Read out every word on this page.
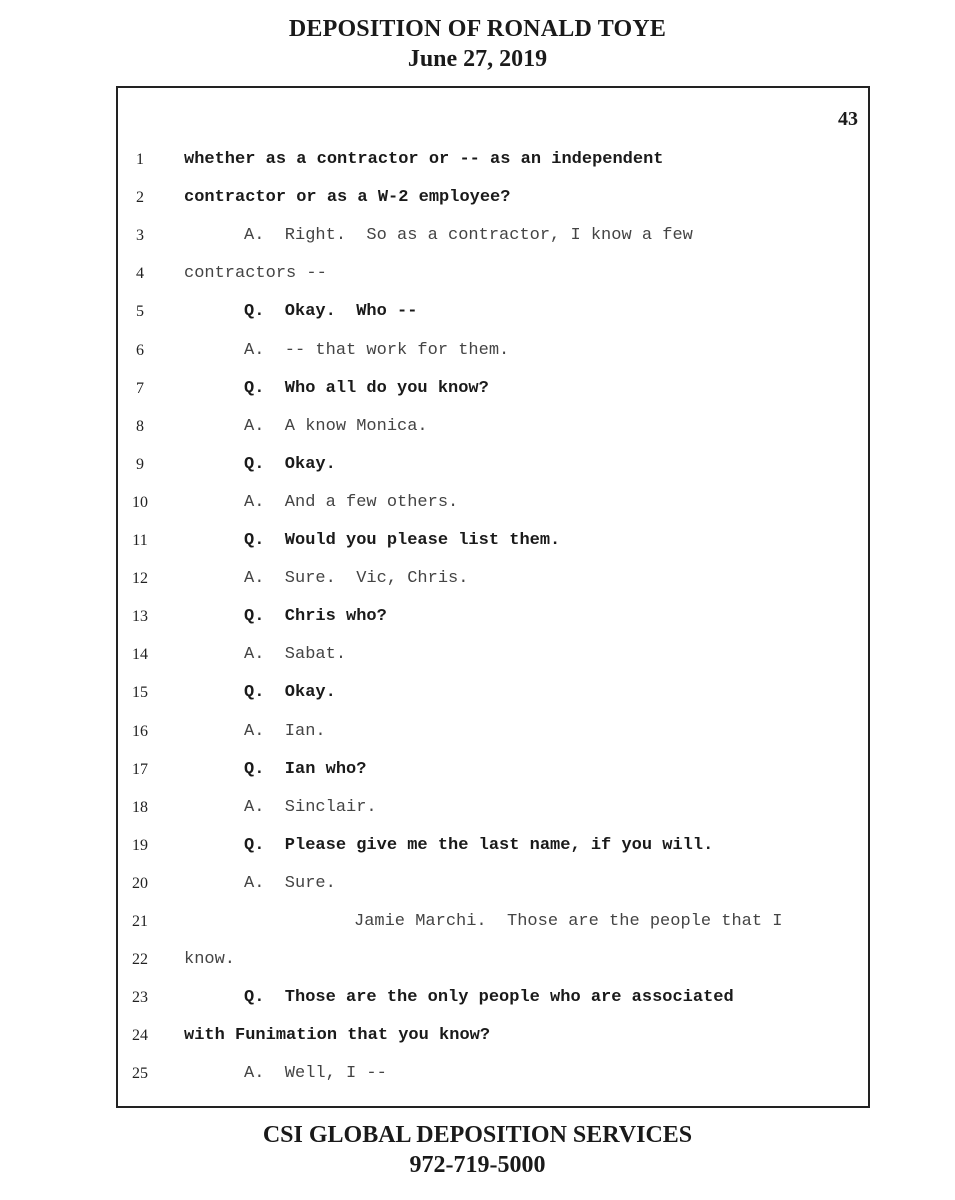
DEPOSITION OF RONALD TOYE
June 27, 2019
43
1	whether as a contractor or -- as an independent
2	contractor or as a W-2 employee?
3	A.  Right.  So as a contractor, I know a few
4	contractors --
5	Q.  Okay.  Who --
6	A.  -- that work for them.
7	Q.  Who all do you know?
8	A.  A know Monica.
9	Q.  Okay.
10	A.  And a few others.
11	Q.  Would you please list them.
12	A.  Sure.  Vic, Chris.
13	Q.  Chris who?
14	A.  Sabat.
15	Q.  Okay.
16	A.  Ian.
17	Q.  Ian who?
18	A.  Sinclair.
19	Q.  Please give me the last name, if you will.
20	A.  Sure.
21	Jamie Marchi.  Those are the people that I
22	know.
23	Q.  Those are the only people who are associated
24	with Funimation that you know?
25	A.  Well, I --
CSI GLOBAL DEPOSITION SERVICES
972-719-5000
